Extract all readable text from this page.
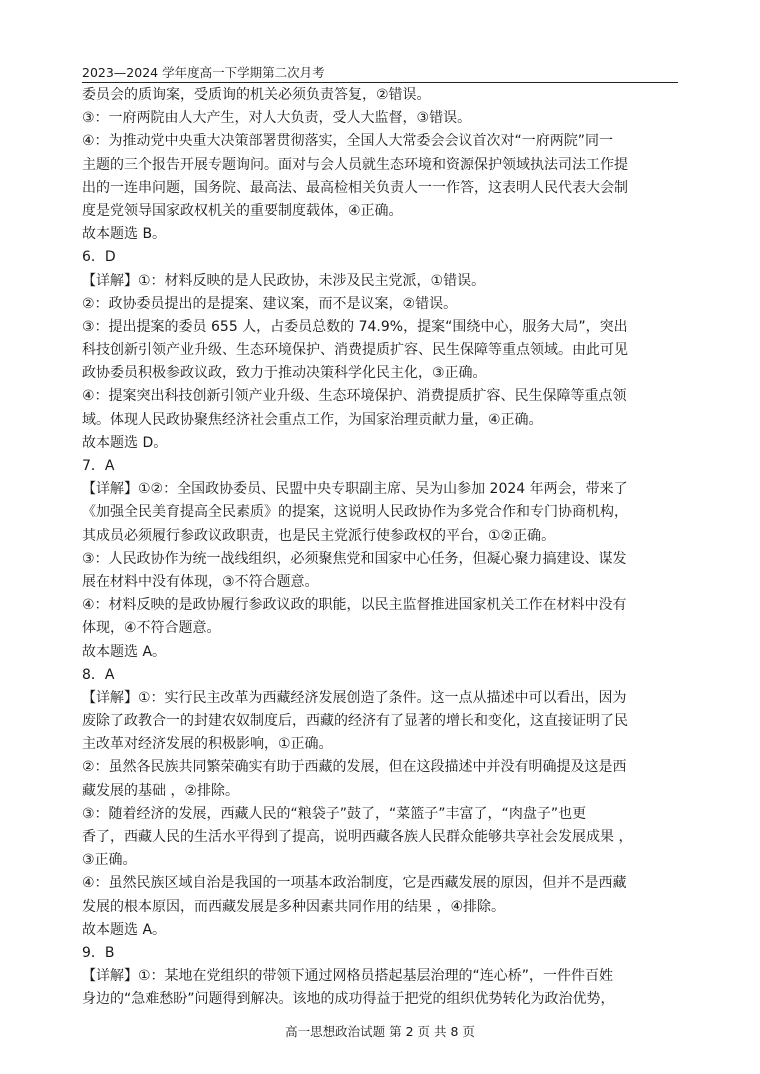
2023—2024 学年度高一下学期第二次月考
委员会的质询案，受质询的机关必须负责答复，②错误。
③：一府两院由人大产生，对人大负责，受人大监督，③错误。
④：为推动党中央重大决策部署贯彻落实，全国人大常委会会议首次对“一府两院”同一
主题的三个报告开展专题询问。面对与会人员就生态环境和资源保护领域执法司法工作提
出的一连串问题，国务院、最高法、最高检相关负责人一一作答，这表明人民代表大会制
度是党领导国家政权机关的重要制度载体，④正确。
故本题选 B。
6．D
【详解】①：材料反映的是人民政协，未涉及民主党派，①错误。
②：政协委员提出的是提案、建议案，而不是议案，②错误。
③：提出提案的委员 655 人，占委员总数的 74.9%，提案“围绕中心，服务大局”，突出
科技创新引领产业升级、生态环境保护、消费提质扩容、民生保障等重点领域。由此可见
政协委员积极参政议政，致力于推动决策科学化民主化，③正确。
④：提案突出科技创新引领产业升级、生态环境保护、消费提质扩容、民生保障等重点领
域。体现人民政协聚焦经济社会重点工作，为国家治理贡献力量，④正确。
故本题选 D。
7．A
【详解】①②：全国政协委员、民盟中央专职副主席、吴为山参加 2024 年两会，带来了
《加强全民美育提高全民素质》的提案，这说明人民政协作为多党合作和专门协商机构，
其成员必须履行参政议政职责，也是民主党派行使参政权的平台，①②正确。
③：人民政协作为统一战线组织，必须聚焦党和国家中心任务，但凝心聚力搞建设、谋发
展在材料中没有体现，③不符合题意。
④：材料反映的是政协履行参政议政的职能，以民主监督推进国家机关工作在材料中没有
体现，④不符合题意。
故本题选 A。
8．A
【详解】①：实行民主改革为西藏经济发展创造了条件。这一点从描述中可以看出，因为
废除了政教合一的封建农奴制度后，西藏的经济有了显著的增长和变化，这直接证明了民
主改革对经济发展的积极影响，①正确。
②：虽然各民族共同繁荣确实有助于西藏的发展，但在这段描述中并没有明确提及这是西
藏发展的基础 ，②排除。
③：随着经济的发展，西藏人民的“粮袋子”鼓了，“菜篮子”丰富了，“肉盘子”也更
香了，西藏人民的生活水平得到了提高，说明西藏各族人民群众能够共享社会发展成果 ，
③正确。
④：虽然民族区域自治是我国的一项基本政治制度，它是西藏发展的原因，但并不是西藏
发展的根本原因，而西藏发展是多种因素共同作用的结果 ，④排除。
故本题选 A。
9．B
【详解】①：某地在党组织的带领下通过网格员搭起基层治理的“连心桥”，一件件百姓
身边的“急难愁盼”问题得到解决。该地的成功得益于把党的组织优势转化为政治优势，
高一思想政治试题 第 2 页 共 8 页
